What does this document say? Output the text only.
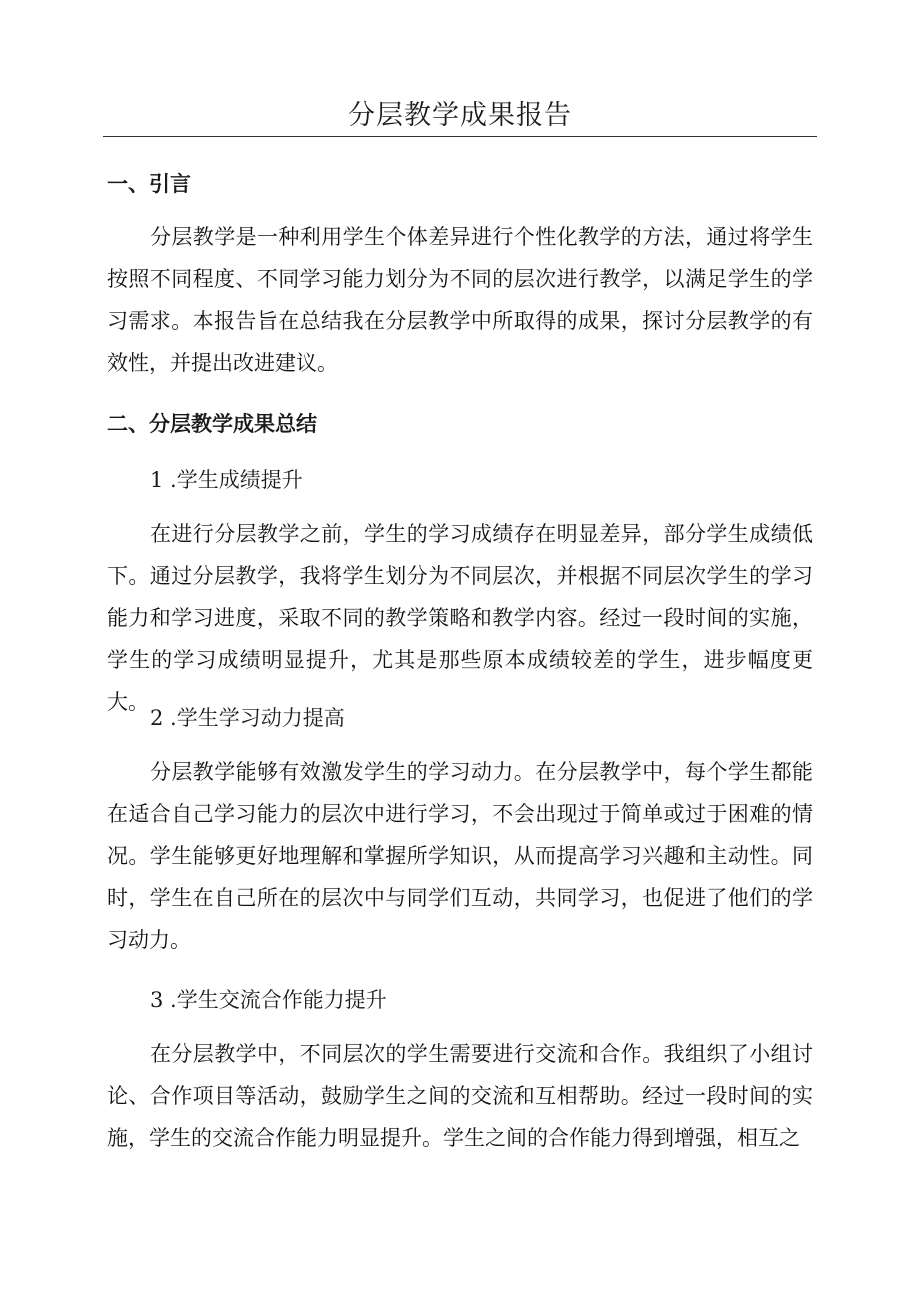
分层教学成果报告
一、引言

分层教学是一种利用学生个体差异进行个性化教学的方法，通过将学生按照不同程度、不同学习能力划分为不同的层次进行教学，以满足学生的学习需求。本报告旨在总结我在分层教学中所取得的成果，探讨分层教学的有效性，并提出改进建议。

二、分层教学成果总结
1 .学生成绩提升

在进行分层教学之前，学生的学习成绩存在明显差异，部分学生成绩低下。通过分层教学，我将学生划分为不同层次，并根据不同层次学生的学习能力和学习进度，采取不同的教学策略和教学内容。经过一段时间的实施，学生的学习成绩明显提升，尤其是那些原本成绩较差的学生，进步幅度更大。

2 .学生学习动力提高

分层教学能够有效激发学生的学习动力。在分层教学中，每个学生都能在适合自己学习能力的层次中进行学习，不会出现过于简单或过于困难的情况。学生能够更好地理解和掌握所学知识，从而提高学习兴趣和主动性。同时，学生在自己所在的层次中与同学们互动，共同学习，也促进了他们的学习动力。

3 .学生交流合作能力提升

在分层教学中，不同层次的学生需要进行交流和合作。我组织了小组讨论、合作项目等活动，鼓励学生之间的交流和互相帮助。经过一段时间的实施，学生的交流合作能力明显提升。学生之间的合作能力得到增强，相互之
